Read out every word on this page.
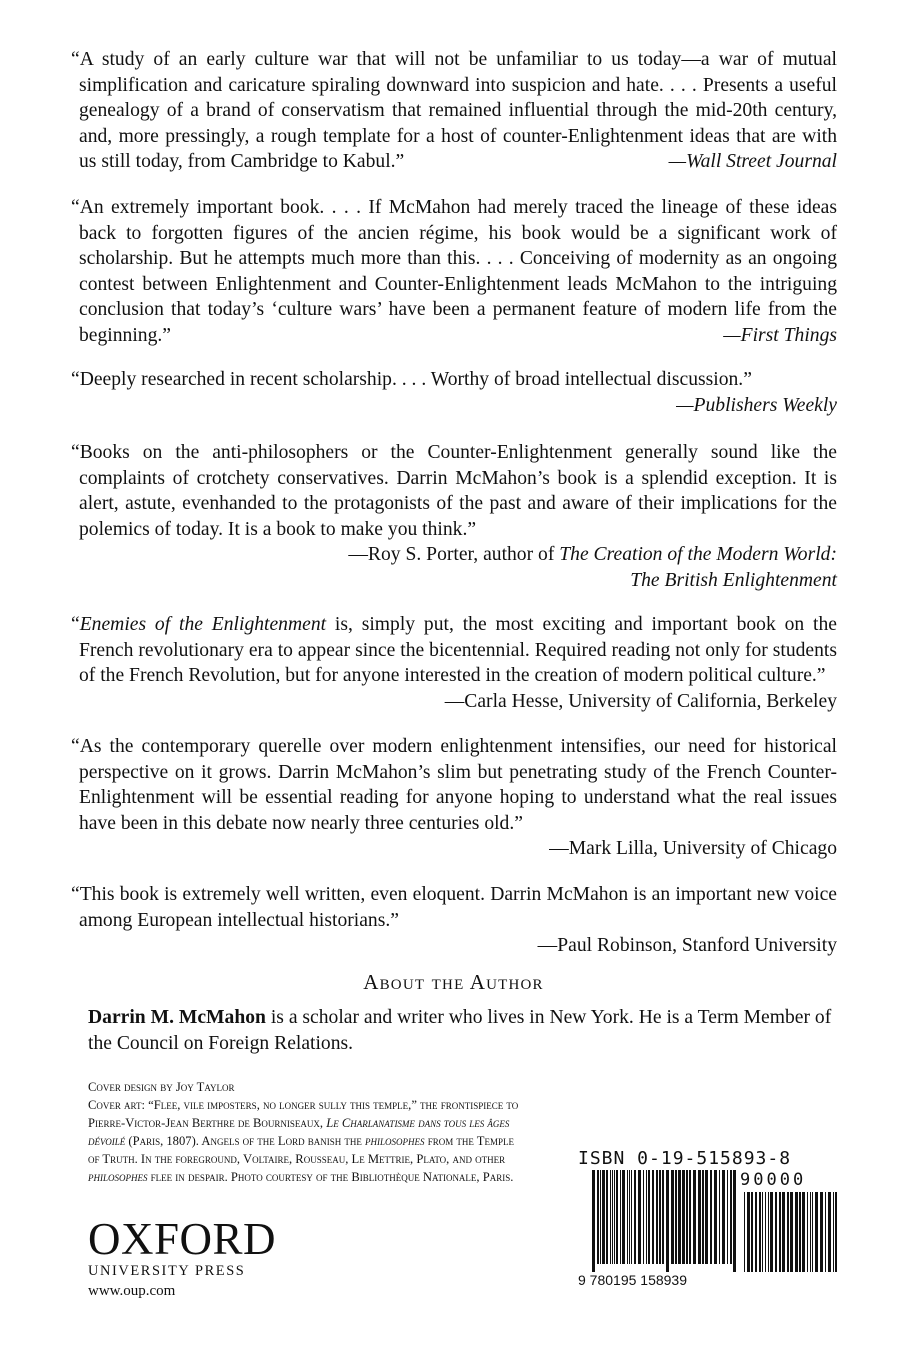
“A study of an early culture war that will not be unfamiliar to us today—a war of mutual simplification and caricature spiraling downward into suspicion and hate. . . . Presents a useful genealogy of a brand of conservatism that remained influential through the mid-20th century, and, more pressingly, a rough template for a host of counter-Enlightenment ideas that are with us still today, from Cambridge to Kabul.”	—Wall Street Journal

“An extremely important book. . . . If McMahon had merely traced the lineage of these ideas back to forgotten figures of the ancien régime, his book would be a significant work of scholarship. But he attempts much more than this. . . . Conceiving of modernity as an ongoing contest between Enlightenment and Counter-Enlightenment leads McMahon to the intriguing conclusion that today’s ‘culture wars’ have been a permanent feature of modern life from the beginning.”	—First Things

“Deeply researched in recent scholarship. . . . Worthy of broad intellectual discussion.”

—Publishers Weekly

“Books on the anti-philosophers or the Counter-Enlightenment generally sound like the complaints of crotchety conservatives. Darrin McMahon’s book is a splendid exception. It is alert, astute, evenhanded to the protagonists of the past and aware of their implications for the polemics of today. It is a book to make you think.”

—Roy S. Porter, author of The Creation of the Modern World:

The British Enlightenment

“Enemies of the Enlightenment is, simply put, the most exciting and important book on the French revolutionary era to appear since the bicentennial. Required reading not only for students of the French Revolution, but for anyone interested in the creation of modern political culture.”

—Carla Hesse, University of California, Berkeley

“As the contemporary querelle over modern enlightenment intensifies, our need for historical perspective on it grows. Darrin McMahon’s slim but penetrating study of the French Counter-Enlightenment will be essential reading for anyone hoping to understand what the real issues have been in this debate now nearly three centuries old.”

—Mark Lilla, University of Chicago

“This book is extremely well written, even eloquent. Darrin McMahon is an important new voice among European intellectual historians.”

—Paul Robinson, Stanford University

About the Author
Darrin M. McMahon is a scholar and writer who lives in New York. He is a Term Member of the Council on Foreign Relations.

Cover design by Joy Taylor

Cover art: “Flee, vile imposters, no longer sully this temple,” the frontispiece to Pierre-Victor-Jean Berthre de Bourniseaux, Le Charlanatisme dans tous les âges dévoilé (Paris, 1807). Angels of the Lord banish the philosophes from the Temple of Truth. In the foreground, Voltaire, Rousseau, Le Mettrie, Plato, and other philosophes flee in despair. Photo courtesy of the Bibliothèque Nationale, Paris.

OXFORD
UNIVERSITY PRESS
www.oup.com
ISBN 0-19-515893-8
9 780195 158939
90000
